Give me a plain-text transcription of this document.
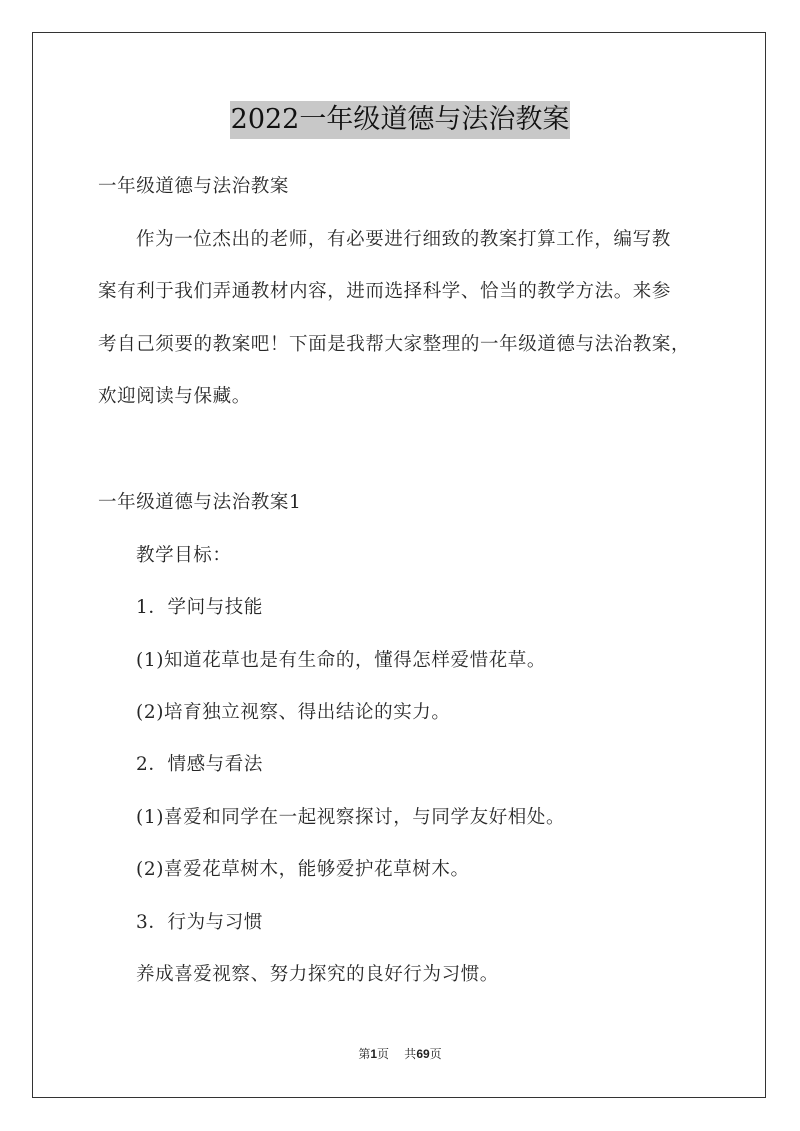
2022一年级道德与法治教案

一年级道德与法治教案

作为一位杰出的老师，有必要进行细致的教案打算工作，编写教

案有利于我们弄通教材内容，进而选择科学、恰当的教学方法。来参

考自己须要的教案吧！下面是我帮大家整理的一年级道德与法治教案，

欢迎阅读与保藏。

一年级道德与法治教案1

教学目标：

1．学问与技能

(1)知道花草也是有生命的，懂得怎样爱惜花草。

(2)培育独立视察、得出结论的实力。

2．情感与看法

(1)喜爱和同学在一起视察探讨，与同学友好相处。

(2)喜爱花草树木，能够爱护花草树木。

3．行为与习惯

养成喜爱视察、努力探究的良好行为习惯。

第1页 共69页
